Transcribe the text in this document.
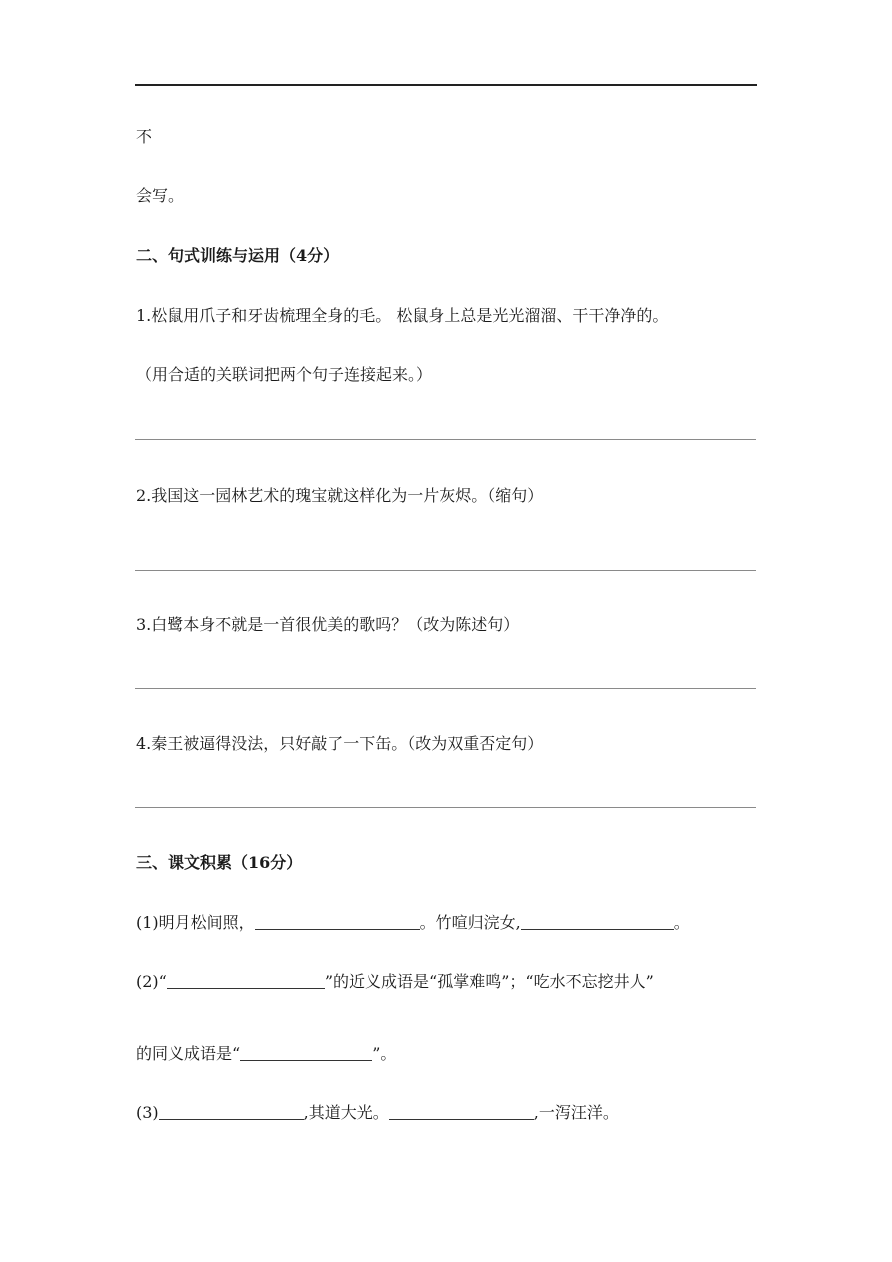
不
会写。
二、句式训练与运用（4分）
1.松鼠用爪子和牙齿梳理全身的毛。 松鼠身上总是光光溜溜、干干净净的。
（用合适的关联词把两个句子连接起来。）
2.我国这一园林艺术的瑰宝就这样化为一片灰烬。（缩句）
3.白鹭本身不就是一首很优美的歌吗？（改为陈述句）
4.秦王被逼得没法，只好敲了一下缶。（改为双重否定句）
三、课文积累（16分）
(1)明月松间照，	。竹喧归浣女,	。
(2)“	”的近义成语是“孤掌难鸣”；“吃水不忘挖井人”
的同义成语是“	”。
(3)	,其道大光。	,一泻汪洋。
